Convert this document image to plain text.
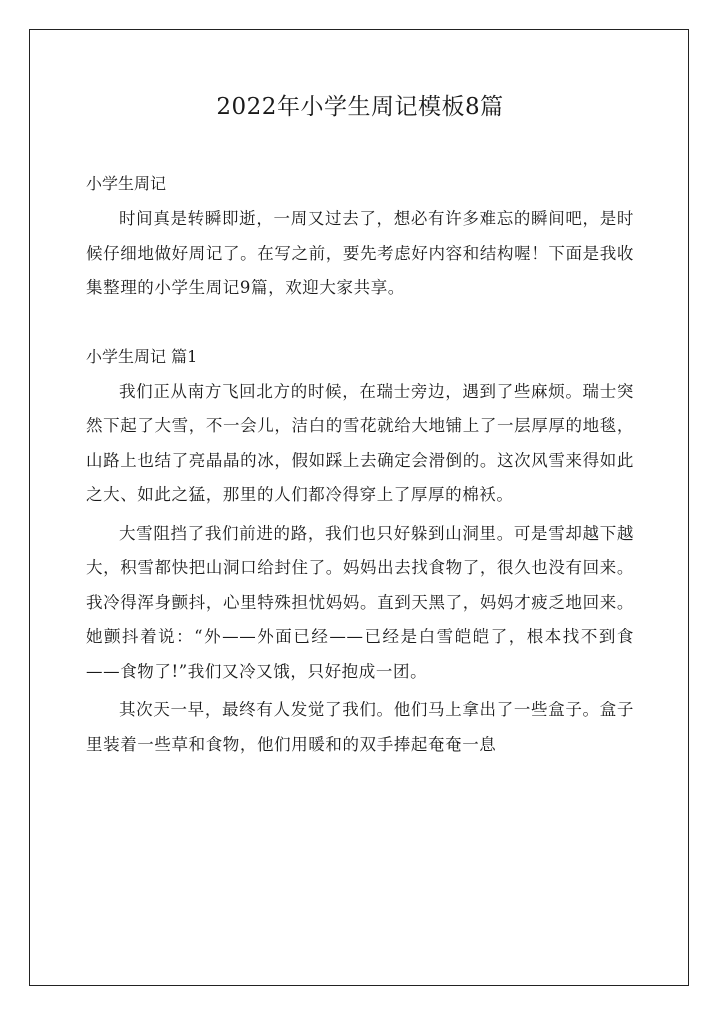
2022年小学生周记模板8篇
小学生周记

时间真是转瞬即逝，一周又过去了，想必有许多难忘的瞬间吧，是时候仔细地做好周记了。在写之前，要先考虑好内容和结构喔！下面是我收集整理的小学生周记9篇，欢迎大家共享。

小学生周记 篇1

我们正从南方飞回北方的时候，在瑞士旁边，遇到了些麻烦。瑞士突然下起了大雪，不一会儿，洁白的雪花就给大地铺上了一层厚厚的地毯，山路上也结了亮晶晶的冰，假如踩上去确定会滑倒的。这次风雪来得如此之大、如此之猛，那里的人们都冷得穿上了厚厚的棉袄。

大雪阻挡了我们前进的路，我们也只好躲到山洞里。可是雪却越下越大，积雪都快把山洞口给封住了。妈妈出去找食物了，很久也没有回来。我冷得浑身颤抖，心里特殊担忧妈妈。直到天黑了，妈妈才疲乏地回来。她颤抖着说：“外——外面已经——已经是白雪皑皑了，根本找不到食——食物了!”我们又冷又饿，只好抱成一团。

其次天一早，最终有人发觉了我们。他们马上拿出了一些盒子。盒子里装着一些草和食物，他们用暖和的双手捧起奄奄一息
